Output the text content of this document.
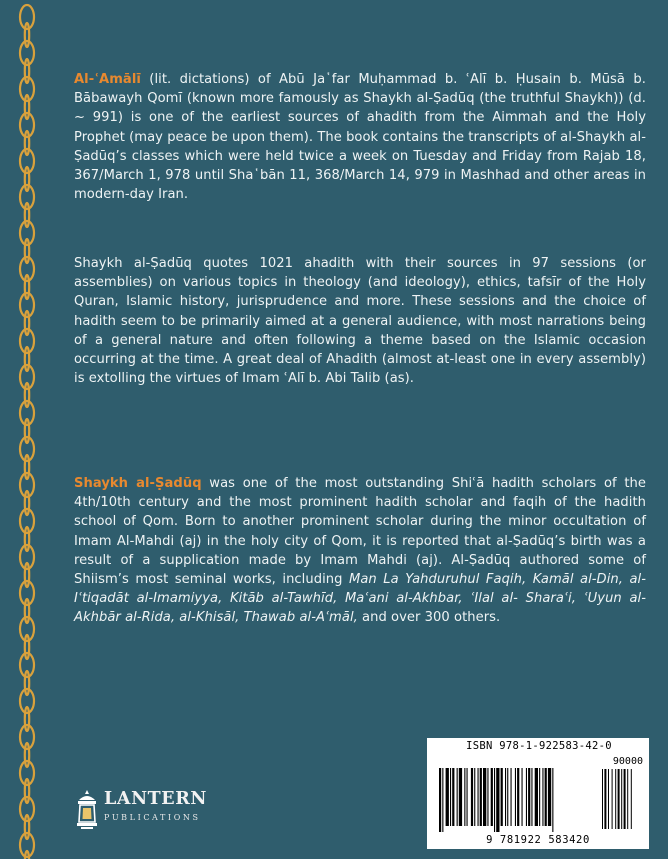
Al-ʿAmālī (lit. dictations) of Abū Ja῾far Muḥammad b. ʿAlī b. Ḥusain b. Mūsā b. Bābawayh Qomī (known more famously as Shaykh al-Ṣadūq (the truthful Shaykh)) (d. ~ 991) is one of the earliest sources of ahadith from the Aimmah and the Holy Prophet (may peace be upon them). The book contains the transcripts of al-Shaykh al- Ṣadūq’s classes which were held twice a week on Tuesday and Friday from Rajab 18, 367/March 1, 978 until Sha῾bān 11, 368/March 14, 979 in Mashhad and other areas in modern-day Iran.
Shaykh al-Ṣadūq quotes 1021 ahadith with their sources in 97 sessions (or assemblies) on various topics in theology (and ideology), ethics, tafsīr of the Holy Quran, Islamic history, jurisprudence and more. These sessions and the choice of hadith seem to be primarily aimed at a general audience, with most narrations being of a general nature and often following a theme based on the Islamic occasion occurring at the time. A great deal of Ahadith (almost at-least one in every assembly) is extolling the virtues of Imam ʿAlī b. Abi Talib (as).
Shaykh al-Ṣadūq was one of the most outstanding Shiʿā hadith scholars of the 4th/10th century and the most prominent hadith scholar and faqih of the hadith school of Qom. Born to another prominent scholar during the minor occultation of Imam Al-Mahdi (aj) in the holy city of Qom, it is reported that al-Ṣadūq’s birth was a result of a supplication made by Imam Mahdi (aj). Al-Ṣadūq authored some of Shiism’s most seminal works, including Man La Yahduruhul Faqih, Kamāl al-Din, al-Iʿtiqadāt al-Imamiyya, Kitāb al-Tawhīd, Maʿani al-Akhbar, ʿIlal al- Sharaʿi, ʿUyun al-Akhbār al-Rida, al-Khisāl, Thawab al-Aʿmāl, and over 300 others.
LANTERN
PUBLICATIONS
ISBN 978-1-922583-42-0
90000
9 781922 583420
